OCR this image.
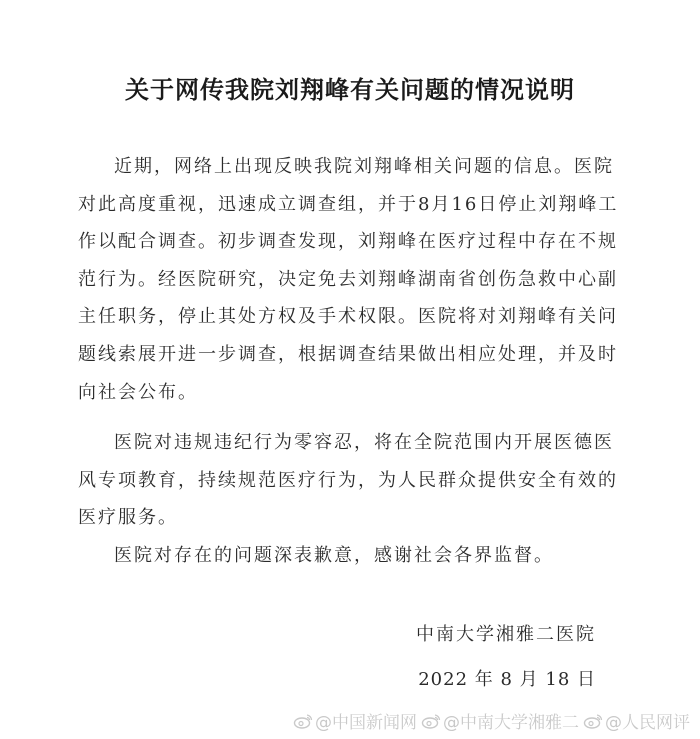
关于网传我院刘翔峰有关问题的情况说明

近期，网络上出现反映我院刘翔峰相关问题的信息。医院对此高度重视，迅速成立调查组，并于8月16日停止刘翔峰工作以配合调查。初步调查发现，刘翔峰在医疗过程中存在不规范行为。经医院研究，决定免去刘翔峰湖南省创伤急救中心副主任职务，停止其处方权及手术权限。医院将对刘翔峰有关问题线索展开进一步调查，根据调查结果做出相应处理，并及时向社会公布。

医院对违规违纪行为零容忍，将在全院范围内开展医德医风专项教育，持续规范医疗行为，为人民群众提供安全有效的医疗服务。

医院对存在的问题深表歉意，感谢社会各界监督。

中南大学湘雅二医院
2022 年 8 月 18 日
@中国新闻网 @中南大学湘雅二 @人民网评
